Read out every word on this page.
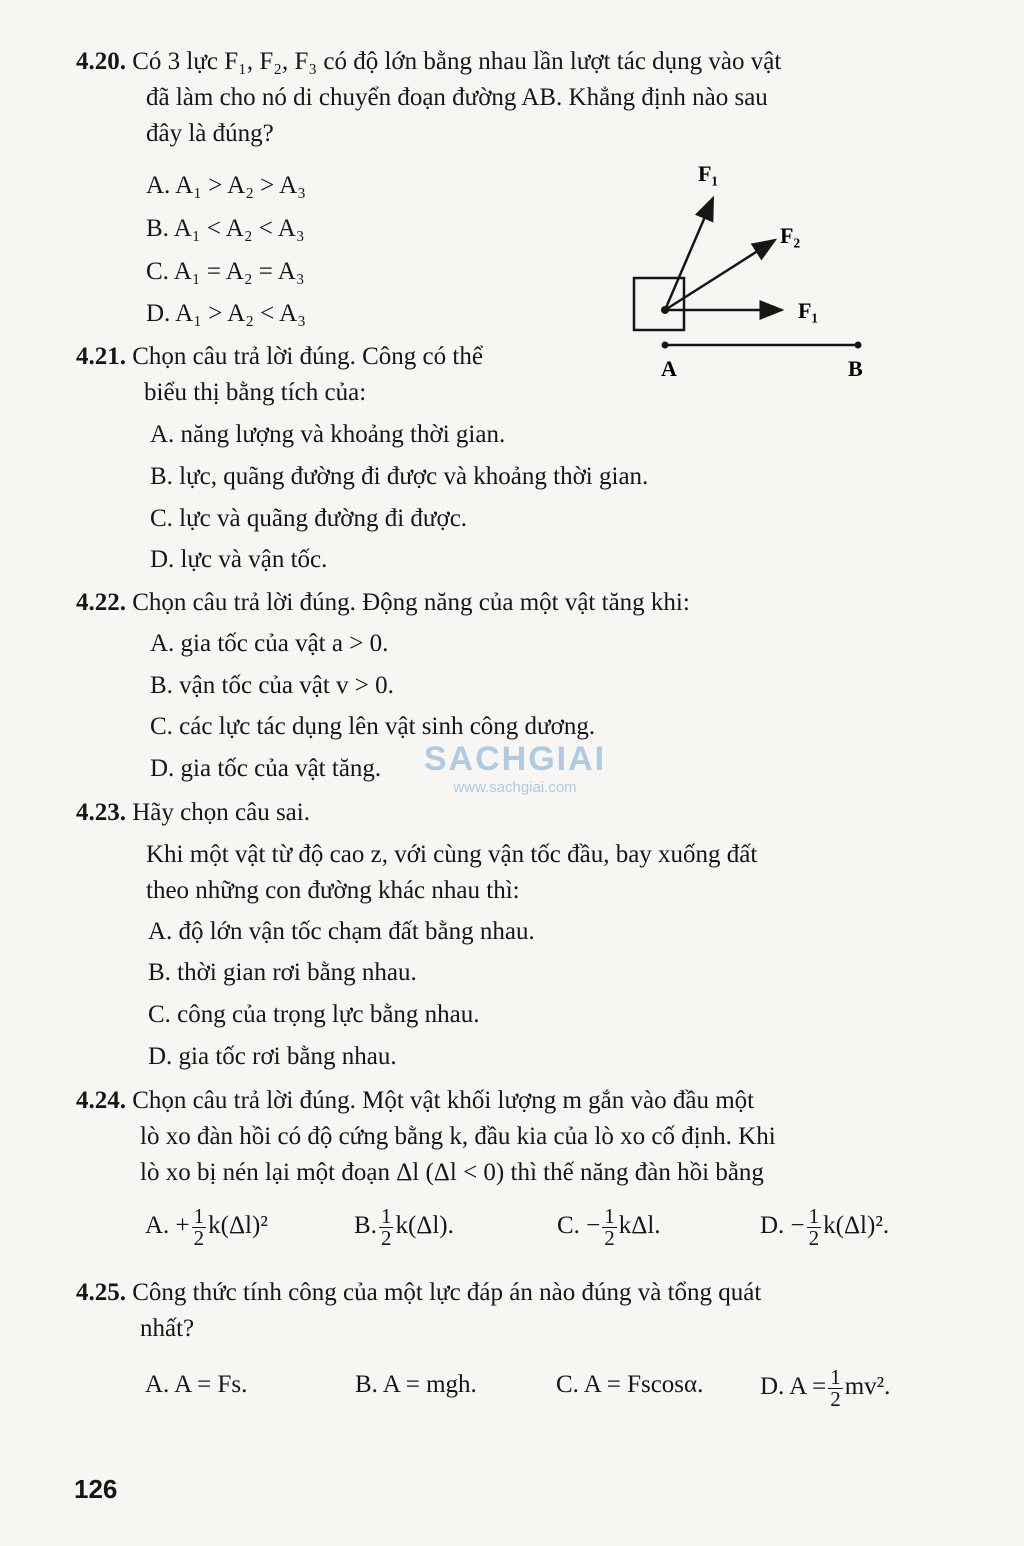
4.20. Có 3 lực F₁, F₂, F₃ có độ lớn bằng nhau lần lượt tác dụng vào vật
đã làm cho nó di chuyển đoạn đường AB. Khẳng định nào sau
đây là đúng?
A. A₁ > A₂ > A₃
B. A₁ < A₂ < A₃
C. A₁ = A₂ = A₃
D. A₁ > A₂ < A₃
F₁
F₂
F₁
A	B
4.21. Chọn câu trả lời đúng. Công có thể
biểu thị bằng tích của:
A. năng lượng và khoảng thời gian.
B. lực, quãng đường đi được và khoảng thời gian.
C. lực và quãng đường đi được.
D. lực và vận tốc.
4.22. Chọn câu trả lời đúng. Động năng của một vật tăng khi:
A. gia tốc của vật a > 0.
B. vận tốc của vật v > 0.
C. các lực tác dụng lên vật sinh công dương.
D. gia tốc của vật tăng.	SACHGIAI
www.sachgiai.com
4.23. Hãy chọn câu sai.
Khi một vật từ độ cao z, với cùng vận tốc đầu, bay xuống đất
theo những con đường khác nhau thì:
A. độ lớn vận tốc chạm đất bằng nhau.
B. thời gian rơi bằng nhau.
C. công của trọng lực bằng nhau.
D. gia tốc rơi bằng nhau.
4.24. Chọn câu trả lời đúng. Một vật khối lượng m gắn vào đầu một
lò xo đàn hồi có độ cứng bằng k, đầu kia của lò xo cố định. Khi
lò xo bị nén lại một đoạn Δl (Δl < 0) thì thế năng đàn hồi bằng
A. + $\frac{1}{2} k(\Delta l)^2$	B. $\frac{1}{2} k(\Delta l)$.	C. − $\frac{1}{2} k\Delta l$.	D. − $\frac{1}{2} k(\Delta l)^2$.
4.25. Công thức tính công của một lực đáp án nào đúng và tổng quát
nhất?
A. A = Fs.	B. A = mgh.	C. A = Fscosα. D. $A = \frac{1}{2} mv^2$.
126
